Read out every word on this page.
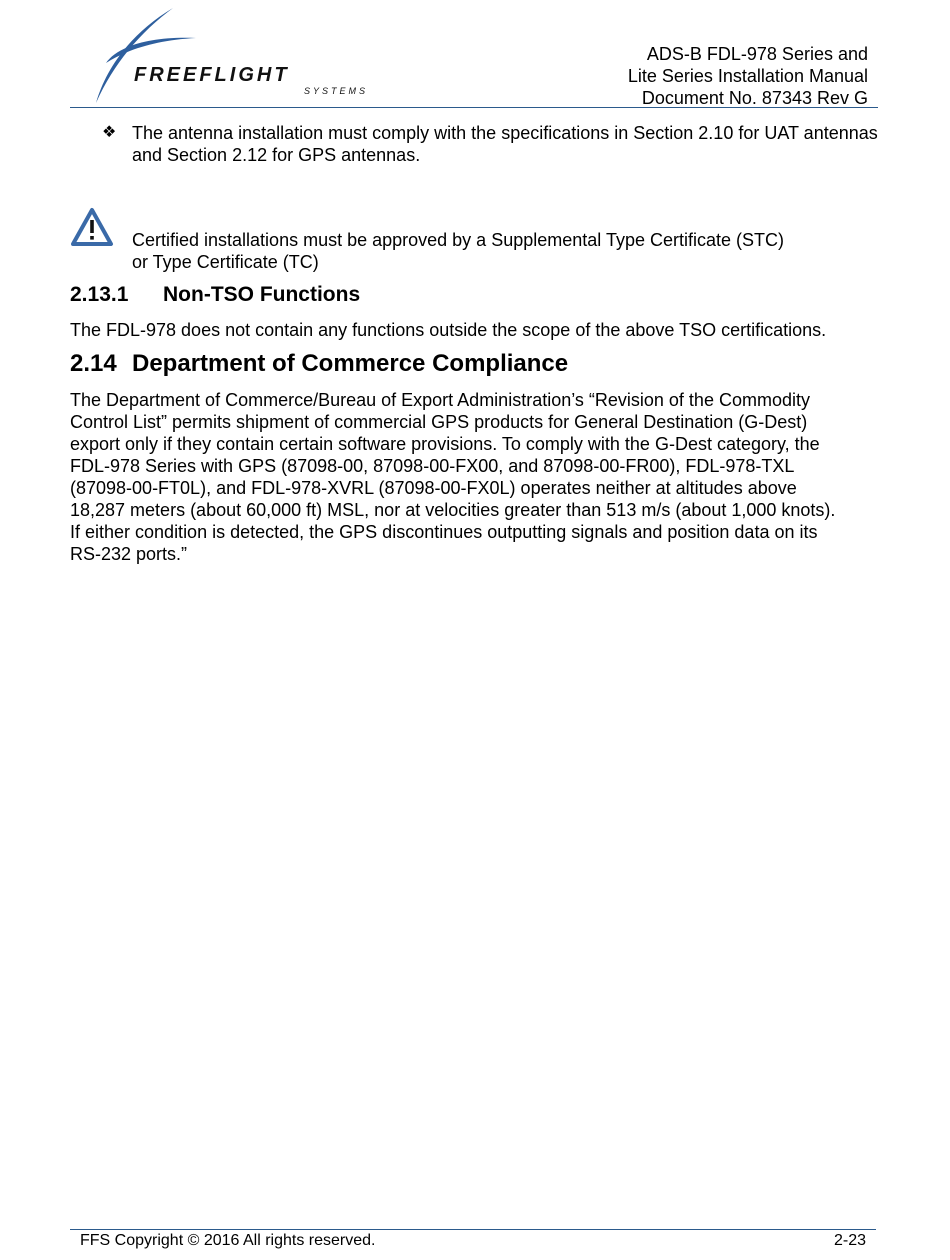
FREEFLIGHT
SYSTEMS
ADS-B FDL-978 Series and
Lite Series Installation Manual
Document No. 87343 Rev G
❖ The antenna installation must comply with the specifications in Section 2.10 for UAT antennas and Section 2.12 for GPS antennas.
Certified installations must be approved by a Supplemental Type Certificate (STC)
or Type Certificate (TC)
2.13.1 Non-TSO Functions
The FDL-978 does not contain any functions outside the scope of the above TSO certifications.
2.14 Department of Commerce Compliance
The Department of Commerce/Bureau of Export Administration’s “Revision of the Commodity
Control List” permits shipment of commercial GPS products for General Destination (G-Dest)
export only if they contain certain software provisions. To comply with the G-Dest category, the
FDL-978 Series with GPS (87098-00, 87098-00-FX00, and 87098-00-FR00), FDL-978-TXL
(87098-00-FT0L), and FDL-978-XVRL (87098-00-FX0L) operates neither at altitudes above
18,287 meters (about 60,000 ft) MSL, nor at velocities greater than 513 m/s (about 1,000 knots).
If either condition is detected, the GPS discontinues outputting signals and position data on its
RS-232 ports.”
FFS Copyright © 2016 All rights reserved.	2-23
